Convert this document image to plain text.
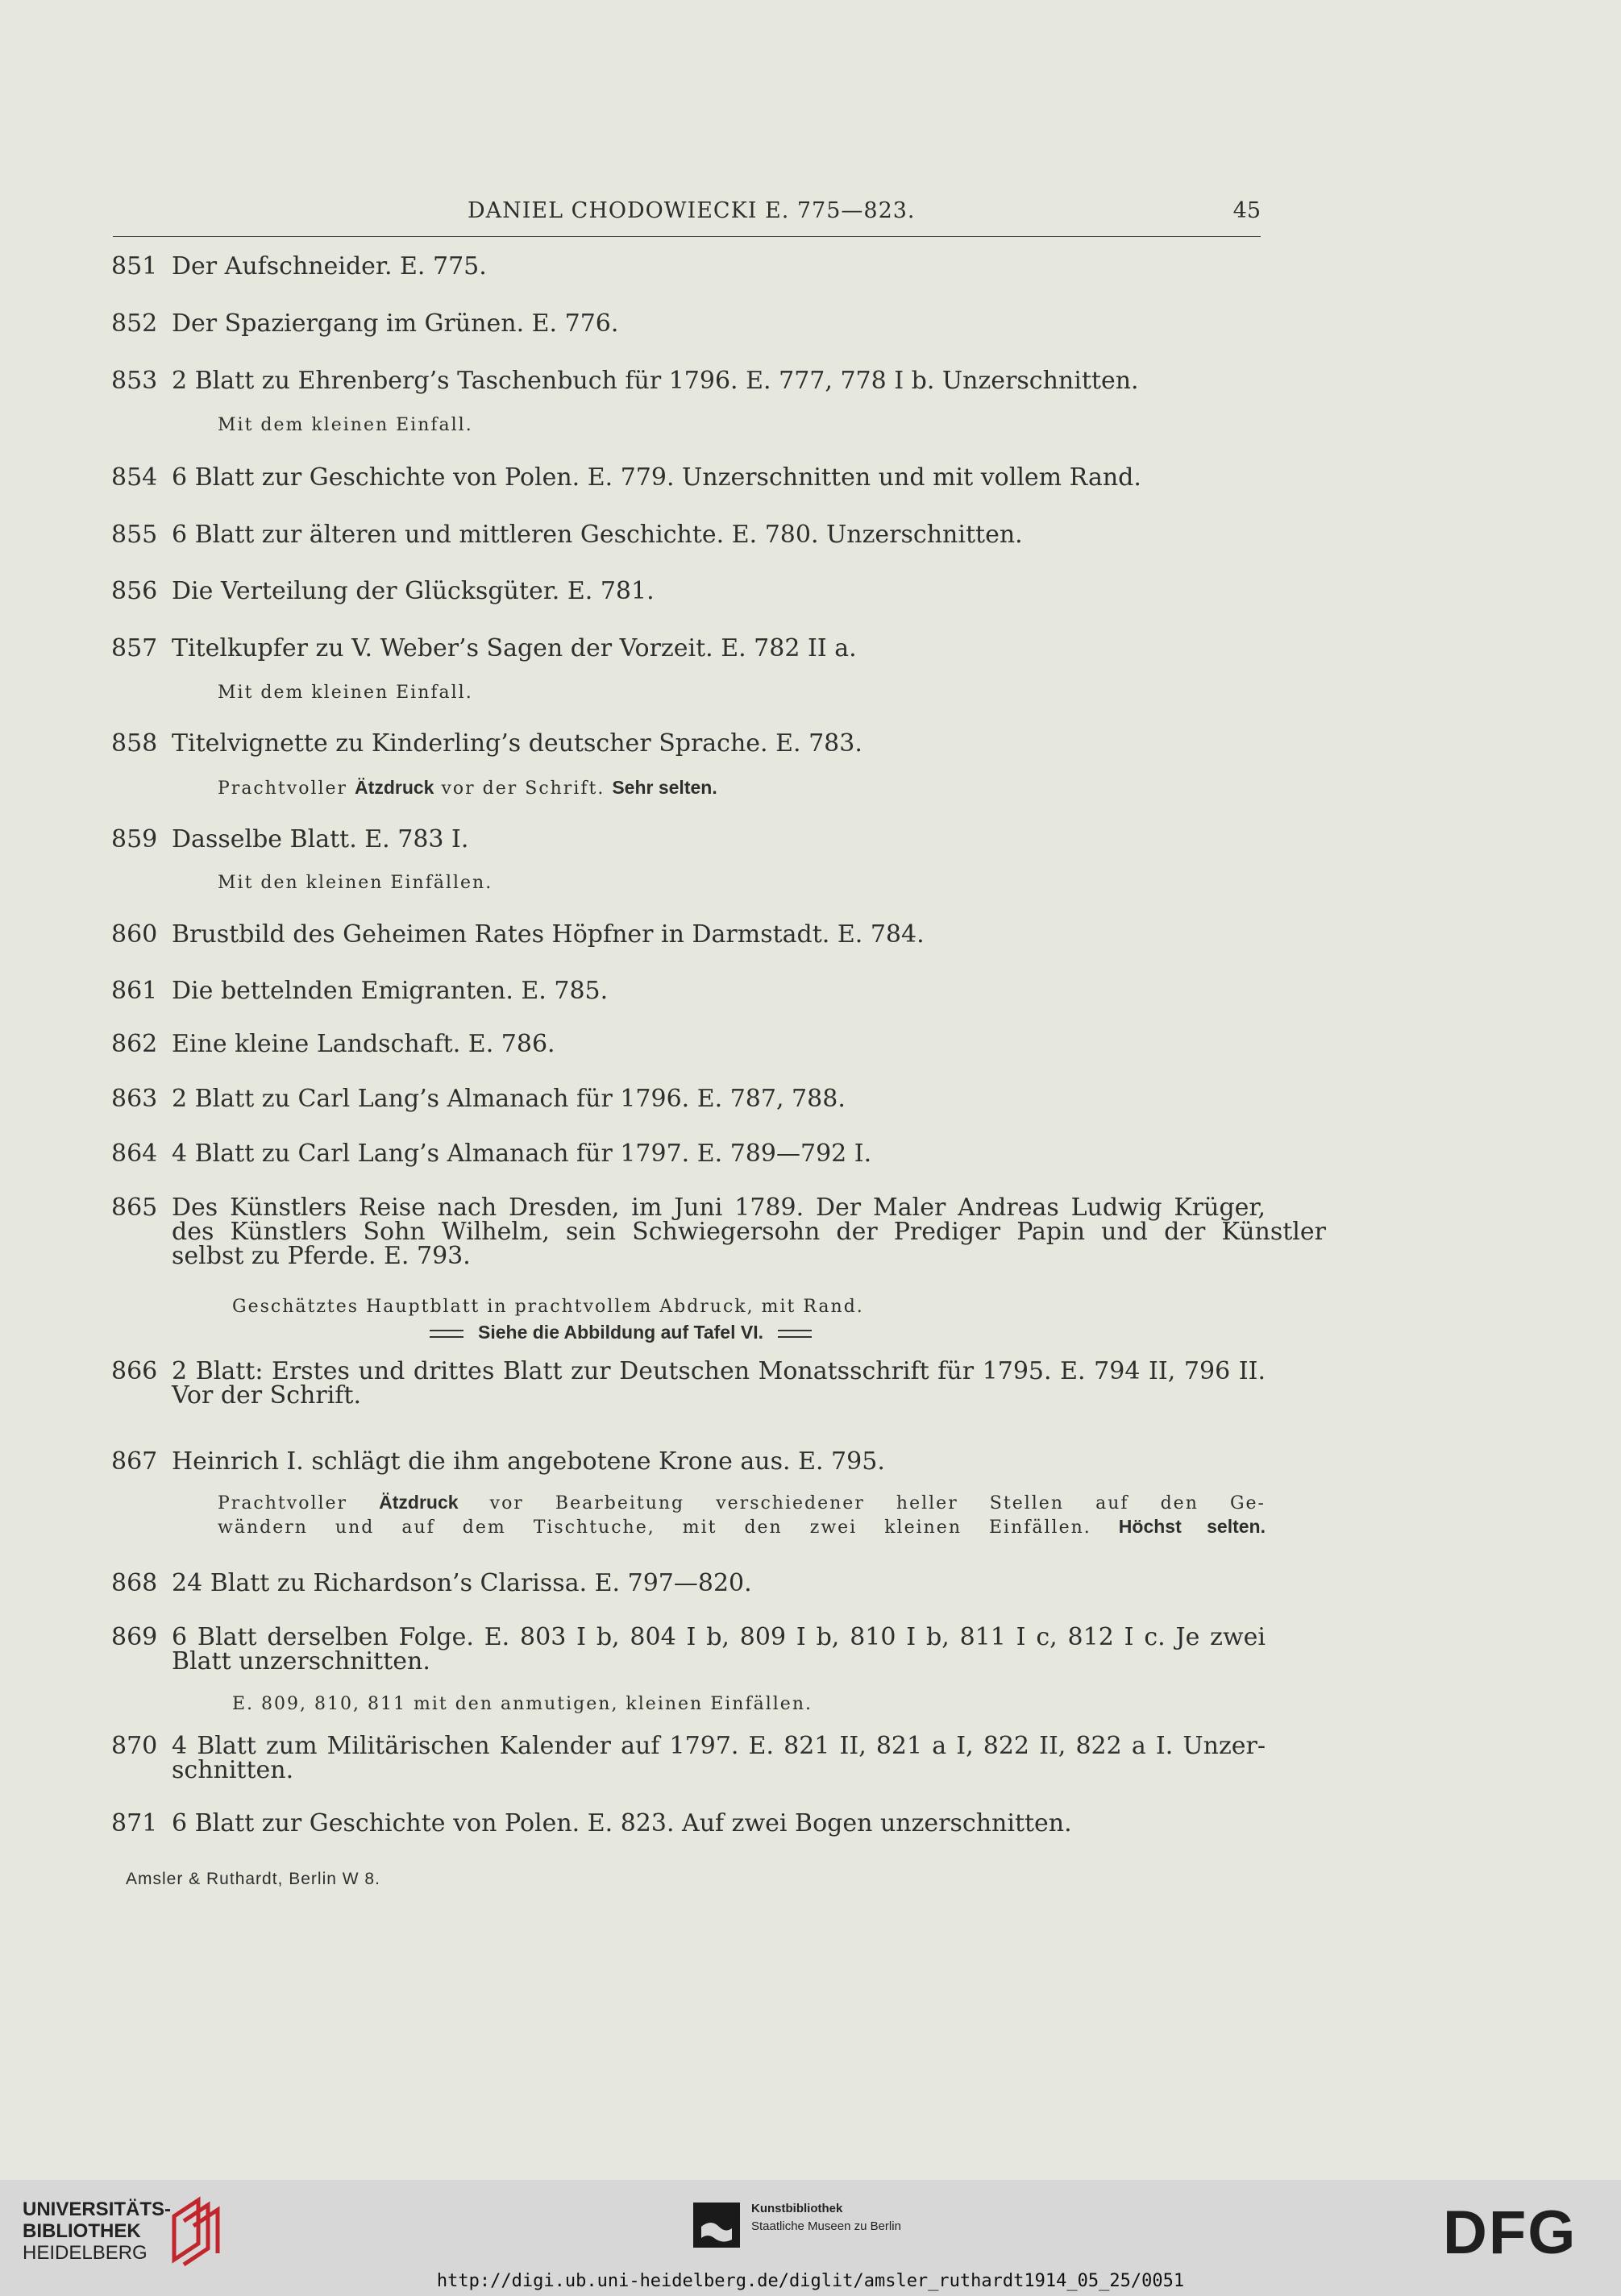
DANIEL CHODOWIECKI E. 775—823.	45
851 Der Aufschneider. E. 775.
852 Der Spaziergang im Grünen. E. 776.
853 2 Blatt zu Ehrenberg’s Taschenbuch für 1796. E. 777, 778 I b. Unzerschnitten.
Mit dem kleinen Einfall.
854 6 Blatt zur Geschichte von Polen. E. 779. Unzerschnitten und mit vollem Rand.
855 6 Blatt zur älteren und mittleren Geschichte. E. 780. Unzerschnitten.
856 Die Verteilung der Glücksgüter. E. 781.
857 Titelkupfer zu V. Weber’s Sagen der Vorzeit. E. 782 II a.
Mit dem kleinen Einfall.
858 Titelvignette zu Kinderling’s deutscher Sprache. E. 783.
Prachtvoller Ätzdruck vor der Schrift. Sehr selten.
859 Dasselbe Blatt. E. 783 I.
Mit den kleinen Einfällen.
860 Brustbild des Geheimen Rates Höpfner in Darmstadt. E. 784.
861 Die bettelnden Emigranten. E. 785.
862 Eine kleine Landschaft. E. 786.
863 2 Blatt zu Carl Lang’s Almanach für 1796. E. 787, 788.
864 4 Blatt zu Carl Lang’s Almanach für 1797. E. 789—792 I.
865 Des Künstlers Reise nach Dresden, im Juni 1789. Der Maler Andreas Ludwig Krüger,
des Künstlers Sohn Wilhelm, sein Schwiegersohn der Prediger Papin und der Künstler
selbst zu Pferde. E. 793.
Geschätztes Hauptblatt in prachtvollem Abdruck, mit Rand.
Siehe die Abbildung auf Tafel VI.
866 2 Blatt: Erstes und drittes Blatt zur Deutschen Monatsschrift für 1795. E. 794 II, 796 II.
Vor der Schrift.
867 Heinrich I. schlägt die ihm angebotene Krone aus. E. 795.
Prachtvoller Ätzdruck vor Bearbeitung verschiedener heller Stellen auf den Ge-
wändern und auf dem Tischtuche, mit den zwei kleinen Einfällen. Höchst selten.
868 24 Blatt zu Richardson’s Clarissa. E. 797—820.
869 6 Blatt derselben Folge. E. 803 I b, 804 I b, 809 I b, 810 I b, 811 I c, 812 I c. Je zwei
Blatt unzerschnitten.
E. 809, 810, 811 mit den anmutigen, kleinen Einfällen.
870 4 Blatt zum Militärischen Kalender auf 1797. E. 821 II, 821 a I, 822 II, 822 a I. Unzer-
schnitten.
871 6 Blatt zur Geschichte von Polen. E. 823. Auf zwei Bogen unzerschnitten.
Amsler & Ruthardt, Berlin W 8.
UNIVERSITÄTS-
BIBLIOTHEK
HEIDELBERG
Kunstbibliothek
Staatliche Museen zu Berlin	DFG
http://digi.ub.uni-heidelberg.de/diglit/amsler_ruthardt1914_05_25/0051
